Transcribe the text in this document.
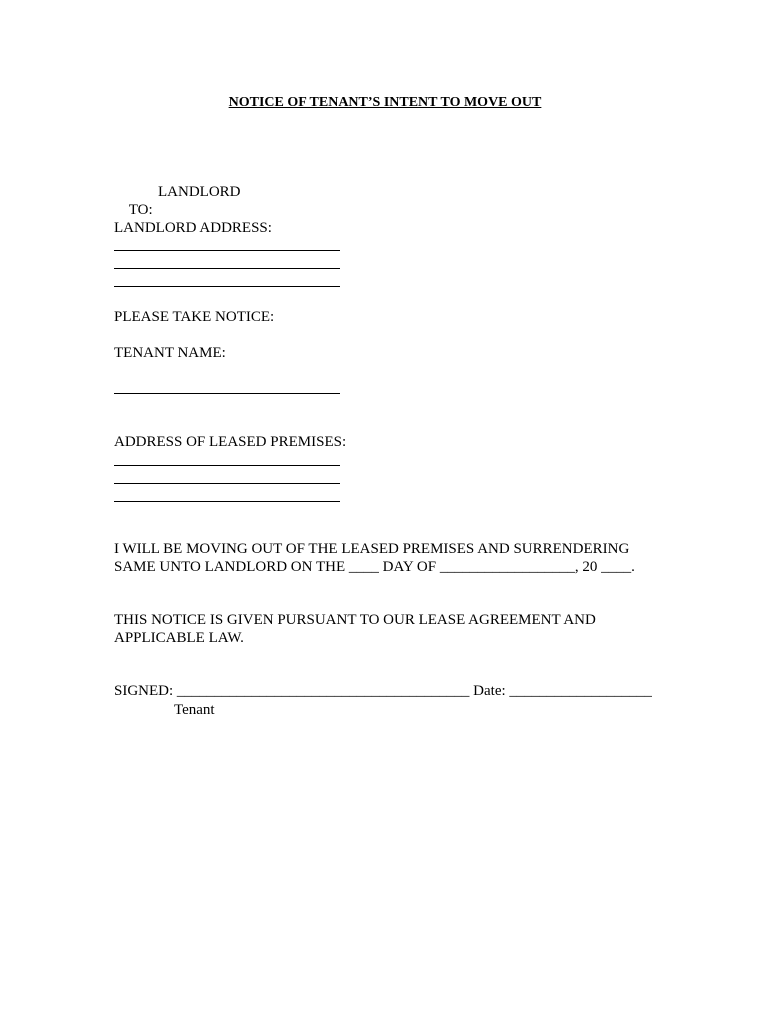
NOTICE OF TENANT’S INTENT TO MOVE OUT

TO:

LANDLORD
LANDLORD ADDRESS:
PLEASE TAKE NOTICE:
TENANT NAME:
ADDRESS OF LEASED PREMISES:
I WILL BE MOVING OUT OF THE LEASED PREMISES AND SURRENDERING
SAME UNTO LANDLORD ON THE ____ DAY OF __________________, 20 ____.
THIS NOTICE IS GIVEN PURSUANT TO OUR LEASE AGREEMENT AND
APPLICABLE LAW.
SIGNED: _______________________________________ Date: ___________________
Tenant
